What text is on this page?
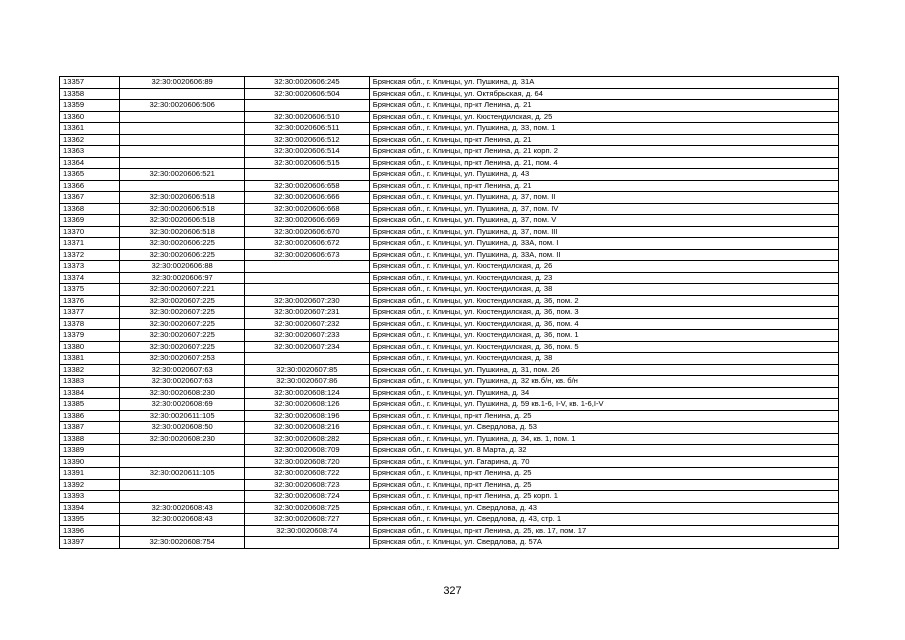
13357	32:30:0020606:89	32:30:0020606:245	Брянская обл., г. Клинцы, ул. Пушкина, д. 31А
13358		32:30:0020606:504	Брянская обл., г. Клинцы, ул. Октябрьская, д. 64
13359	32:30:0020606:506		Брянская обл., г. Клинцы, пр-кт Ленина, д. 21
13360		32:30:0020606:510	Брянская обл., г. Клинцы, ул. Кюстендилская, д. 25
13361		32:30:0020606:511	Брянская обл., г. Клинцы, ул. Пушкина, д. 33, пом. 1
13362		32:30:0020606:512	Брянская обл., г. Клинцы, пр-кт Ленина, д. 21
13363		32:30:0020606:514	Брянская обл., г. Клинцы, пр-кт Ленина, д. 21 корп. 2
13364		32:30:0020606:515	Брянская обл., г. Клинцы, пр-кт Ленина, д. 21, пом. 4
13365	32:30:0020606:521		Брянская обл., г. Клинцы, ул. Пушкина, д. 43
13366		32:30:0020606:658	Брянская обл., г. Клинцы, пр-кт Ленина, д. 21
13367	32:30:0020606:518	32:30:0020606:666	Брянская обл., г. Клинцы, ул. Пушкина, д. 37, пом. II
13368	32:30:0020606:518	32:30:0020606:668	Брянская обл., г. Клинцы, ул. Пушкина, д. 37, пом. IV
13369	32:30:0020606:518	32:30:0020606:669	Брянская обл., г. Клинцы, ул. Пушкина, д. 37, пом. V
13370	32:30:0020606:518	32:30:0020606:670	Брянская обл., г. Клинцы, ул. Пушкина, д. 37, пом. III
13371	32:30:0020606:225	32:30:0020606:672	Брянская обл., г. Клинцы, ул. Пушкина, д. 33А, пом. I
13372	32:30:0020606:225	32:30:0020606:673	Брянская обл., г. Клинцы, ул. Пушкина, д. 33А, пом. II
13373	32:30:0020606:88		Брянская обл., г. Клинцы, ул. Кюстендилская, д. 26
13374	32:30:0020606:97		Брянская обл., г. Клинцы, ул. Кюстендилская, д. 23
13375	32:30:0020607:221		Брянская обл., г. Клинцы, ул. Кюстендилская, д. 38
13376	32:30:0020607:225	32:30:0020607:230	Брянская обл., г. Клинцы, ул. Кюстендилская, д. 36, пом. 2
13377	32:30:0020607:225	32:30:0020607:231	Брянская обл., г. Клинцы, ул. Кюстендилская, д. 36, пом. 3
13378	32:30:0020607:225	32:30:0020607:232	Брянская обл., г. Клинцы, ул. Кюстендилская, д. 36, пом. 4
13379	32:30:0020607:225	32:30:0020607:233	Брянская обл., г. Клинцы, ул. Кюстендилская, д. 36, пом. 1
13380	32:30:0020607:225	32:30:0020607:234	Брянская обл., г. Клинцы, ул. Кюстендилская, д. 36, пом. 5
13381	32:30:0020607:253		Брянская обл., г. Клинцы, ул. Кюстендилская, д. 38
13382	32:30:0020607:63	32:30:0020607:85	Брянская обл., г. Клинцы, ул. Пушкина, д. 31, пом. 26
13383	32:30:0020607:63	32:30:0020607:86	Брянская обл., г. Клинцы, ул. Пушкина, д. 32 кв.б/н, кв. б/н
13384	32:30:0020608:230	32:30:0020608:124	Брянская обл., г. Клинцы, ул. Пушкина, д. 34
13385	32:30:0020608:69	32:30:0020608:126	Брянская обл., г. Клинцы, ул. Пушкина, д. 59 кв.1-6, I-V, кв. 1-6,I-V
13386	32:30:0020611:105	32:30:0020608:196	Брянская обл., г. Клинцы, пр-кт Ленина, д. 25
13387	32:30:0020608:50	32:30:0020608:216	Брянская обл., г. Клинцы, ул. Свердлова, д. 53
13388	32:30:0020608:230	32:30:0020608:282	Брянская обл., г. Клинцы, ул. Пушкина, д. 34, кв. 1, пом. 1
13389		32:30:0020608:709	Брянская обл., г. Клинцы, ул. 8 Марта, д. 32
13390		32:30:0020608:720	Брянская обл., г. Клинцы, ул. Гагарина, д. 70
13391	32:30:0020611:105	32:30:0020608:722	Брянская обл., г. Клинцы, пр-кт Ленина, д. 25
13392		32:30:0020608:723	Брянская обл., г. Клинцы, пр-кт Ленина, д. 25
13393		32:30:0020608:724	Брянская обл., г. Клинцы, пр-кт Ленина, д. 25 корп. 1
13394	32:30:0020608:43	32:30:0020608:725	Брянская обл., г. Клинцы, ул. Свердлова, д. 43
13395	32:30:0020608:43	32:30:0020608:727	Брянская обл., г. Клинцы, ул. Свердлова, д. 43, стр. 1
13396		32:30:0020608:74	Брянская обл., г. Клинцы, пр-кт Ленина, д. 25, кв. 17, пом. 17
13397	32:30:0020608:754		Брянская обл., г. Клинцы, ул. Свердлова, д. 57А
327
